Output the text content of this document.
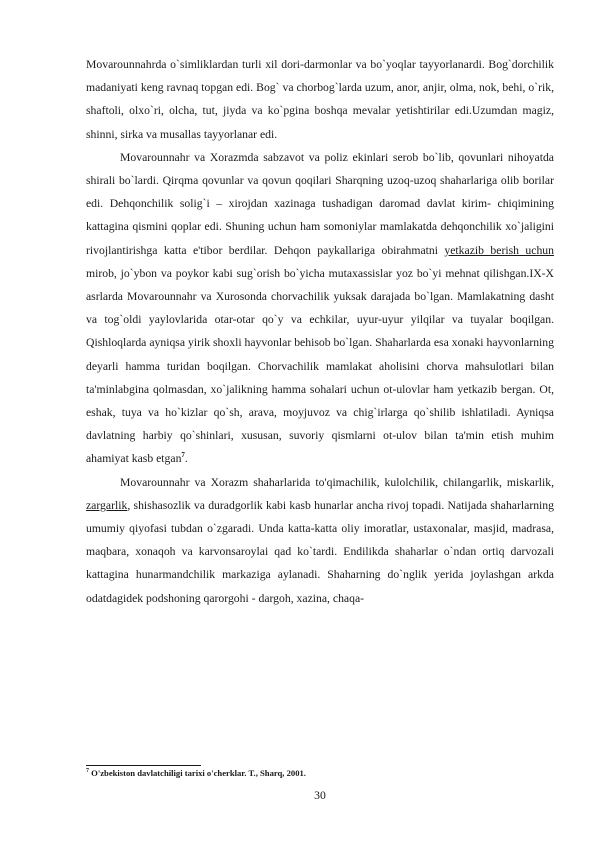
Movarounnahrda o`simliklardan turli xil dori-darmonlar va bo`yoqlar tayyorlanardi. Bog`dorchilik madaniyati keng ravnaq topgan edi. Bog` va chorbog`larda uzum, anor, anjir, olma, nok, behi, o`rik, shaftoli, olxo`ri, olcha, tut, jiyda va ko`pgina boshqa mevalar yetishtirilar edi.Uzumdan magiz, shinni, sirka va musallas tayyorlanar edi.

Movarounnahr va Xorazmda sabzavot va poliz ekinlari serob bo`lib, qovunlari nihoyatda shirali bo`lardi. Qirqma qovunlar va qovun qoqilari Sharqning uzoq-uzoq shaharlariga olib borilar edi. Dehqonchilik solig`i – xirojdan xazinaga tushadigan daromad davlat kirim- chiqimining kattagina qismini qoplar edi. Shuning uchun ham somoniylar mamlakatda dehqonchilik xo`jaligini rivojlantirishga katta e'tibor berdilar. Dehqon paykallariga obirahmatni yetkazib berish uchun mirob, jo`ybon va poykor kabi sug`orish bo`yicha mutaxassislar yoz bo`yi mehnat qilishgan.IX-X asrlarda Movarounnahr va Xurosonda chorvachilik yuksak darajada bo`lgan. Mamlakatning dasht va tog`oldi yaylovlarida otar-otar qo`y va echkilar, uyur-uyur yilqilar va tuyalar boqilgan. Qishloqlarda ayniqsa yirik shoxli hayvonlar behisob bo`lgan. Shaharlarda esa xonaki hayvonlarning deyarli hamma turidan boqilgan. Chorvachilik mamlakat aholisini chorva mahsulotlari bilan ta'minlabgina qolmasdan, xo`jalikning hamma sohalari uchun ot-ulovlar ham yetkazib bergan. Ot, eshak, tuya va ho`kizlar qo`sh, arava, moyjuvoz va chig`irlarga qo`shilib ishlatiladi. Ayniqsa davlatning harbiy qo`shinlari, xususan, suvoriy qismlarni ot-ulov bilan ta'min etish muhim ahamiyat kasb etgan$^7$.

Movarounnahr va Xorazm shaharlarida to'qimachilik, kulolchilik, chilangarlik, miskarlik, zargarlik, shishasozlik va duradgorlik kabi kasb hunarlar ancha rivoj topadi. Natijada shaharlarning umumiy qiyofasi tubdan o`zgaradi. Unda katta-katta oliy imoratlar, ustaxonalar, masjid, madrasa, maqbara, xonaqoh va karvonsaroylai qad ko`tardi. Endilikda shaharlar o`ndan ortiq darvozali kattagina hunarmandchilik markaziga aylanadi. Shaharning do`nglik yerida joylashgan arkda odatdagidek podshoning qarorgohi - dargoh, xazina, chaqa-

$^7$ O'zbekiston davlatchiligi tarixi o'cherklar. T., Sharq, 2001.
30
